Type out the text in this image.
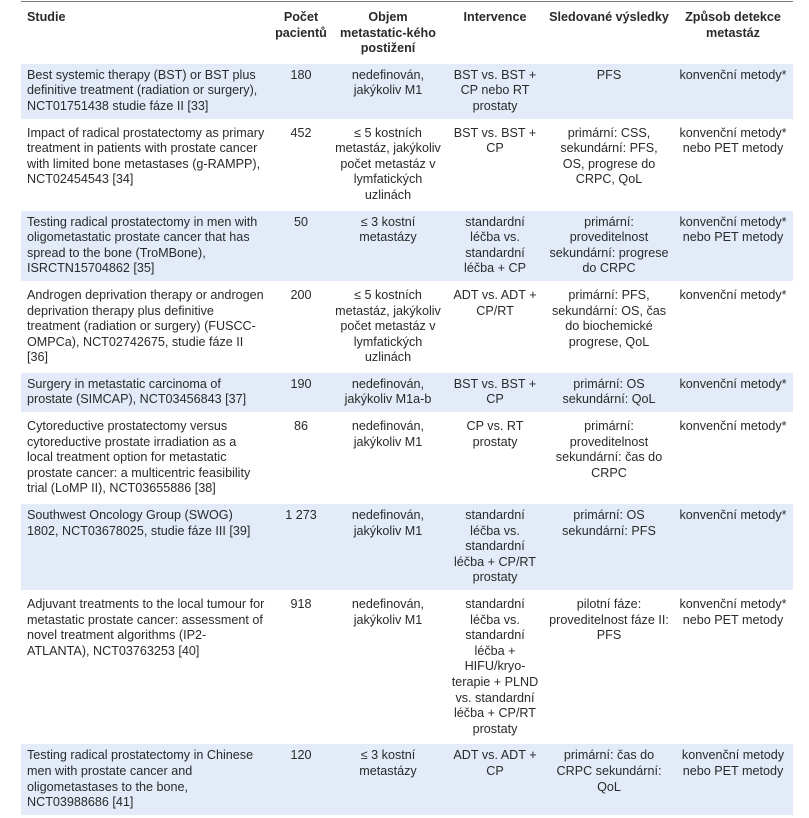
Studie	Počet pacientů	Objem metastatic-kého postižení	Intervence	Sledované výsledky	Způsob detekce metastáz
Best systemic therapy (BST) or BST plus definitive treatment (radiation or surgery), NCT01751438 studie fáze II [33]	180	nedefinován, jakýkoliv M1	BST vs. BST + CP nebo RT prostaty	PFS	konvenční metody*
Impact of radical prostatectomy as primary treatment in patients with prostate cancer with limited bone metastases (g-RAMPP), NCT02454543 [34]	452	≤ 5 kostních metastáz, jakýkoliv počet metastáz v lymfatických uzlinách	BST vs. BST + CP	primární: CSS, sekundární: PFS, OS, progrese do CRPC, QoL	konvenční metody* nebo PET metody
Testing radical prostatectomy in men with oligometastatic prostate cancer that has spread to the bone (TroMBone), ISRCTN15704862 [35]	50	≤ 3 kostní metastázy	standardní léčba vs. standardní léčba + CP	primární: proveditelnost sekundární: progrese do CRPC	konvenční metody* nebo PET metody
Androgen deprivation therapy or androgen deprivation therapy plus definitive treatment (radiation or surgery) (FUSCC-OMPCa), NCT02742675, studie fáze II [36]	200	≤ 5 kostních metastáz, jakýkoliv počet metastáz v lymfatických uzlinách	ADT vs. ADT + CP/RT	primární: PFS, sekundární: OS, čas do biochemické progrese, QoL	konvenční metody*
Surgery in metastatic carcinoma of prostate (SIMCAP), NCT03456843 [37]	190	nedefinován, jakýkoliv M1a-b	BST vs. BST + CP	primární: OS sekundární: QoL	konvenční metody*
Cytoreductive prostatectomy versus cytoreductive prostate irradiation as a local treatment option for metastatic prostate cancer: a multicentric feasibility trial (LoMP II), NCT03655886 [38]	86	nedefinován, jakýkoliv M1	CP vs. RT prostaty	primární: proveditelnost sekundární: čas do CRPC	konvenční metody*
Southwest Oncology Group (SWOG) 1802, NCT03678025, studie fáze III [39]	1 273	nedefinován, jakýkoliv M1	standardní léčba vs. standardní léčba + CP/RT prostaty	primární: OS sekundární: PFS	konvenční metody*
Adjuvant treatments to the local tumour for metastatic prostate cancer: assessment of novel treatment algorithms (IP2-ATLANTA), NCT03763253 [40]	918	nedefinován, jakýkoliv M1	standardní léčba vs. standardní léčba + HIFU/kryo-terapie + PLND vs. standardní léčba + CP/RT prostaty	pilotní fáze: proveditelnost fáze II: PFS	konvenční metody* nebo PET metody
Testing radical prostatectomy in Chinese men with prostate cancer and oligometastases to the bone, NCT03988686 [41]	120	≤ 3 kostní metastázy	ADT vs. ADT + CP	primární: čas do CRPC sekundární: QoL	konvenční metody nebo PET metody
